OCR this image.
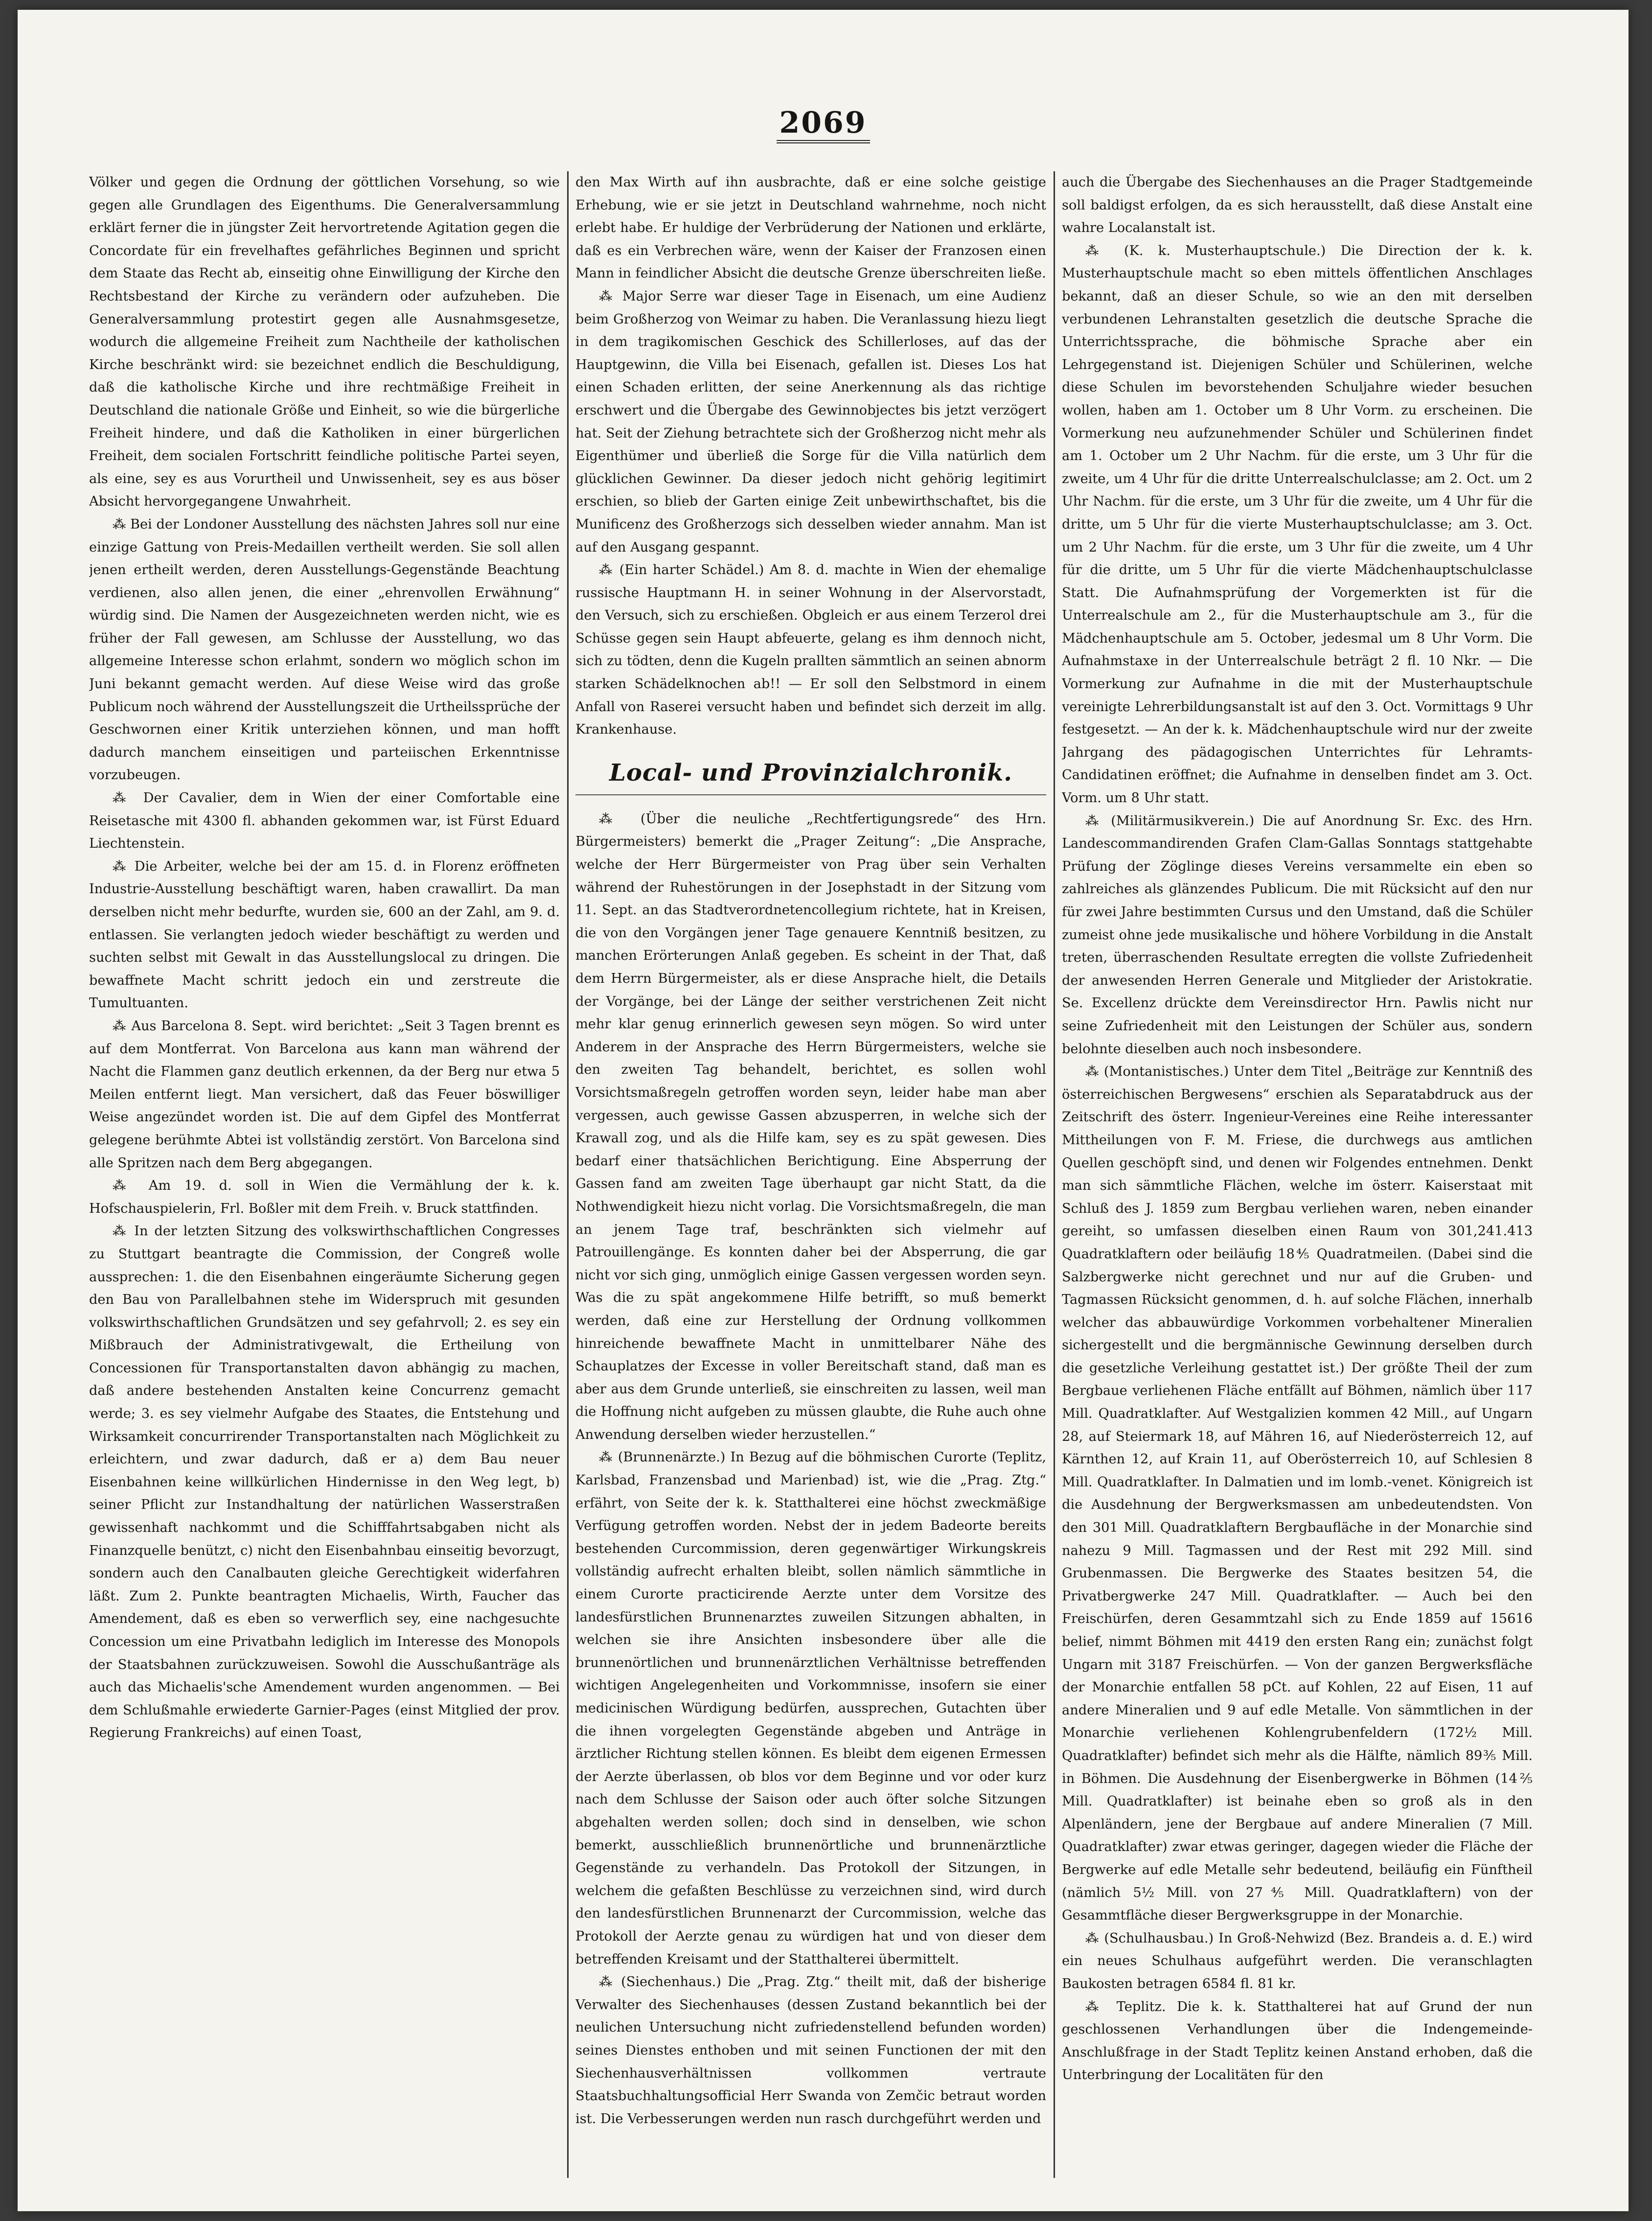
2069

Völker und gegen die Ordnung der göttlichen Vorsehung, so wie gegen alle Grundlagen des Eigenthums. Die Generalversammlung erklärt ferner die in jüngster Zeit hervortretende Agitation gegen die Concordate für ein frevelhaftes gefährliches Beginnen und spricht dem Staate das Recht ab, einseitig ohne Einwilligung der Kirche den Rechtsbestand der Kirche zu verändern oder aufzuheben. Die Generalversammlung protestirt gegen alle Ausnahmsgesetze, wodurch die allgemeine Freiheit zum Nachtheile der katholischen Kirche beschränkt wird: sie bezeichnet endlich die Beschuldigung, daß die katholische Kirche und ihre rechtmäßige Freiheit in Deutschland die nationale Größe und Einheit, so wie die bürgerliche Freiheit hindere, und daß die Katholiken in einer bürgerlichen Freiheit, dem socialen Fortschritt feindliche politische Partei seyen, als eine, sey es aus Vorurtheil und Unwissenheit, sey es aus böser Absicht hervorgegangene Unwahrheit.

⁂ Bei der Londoner Ausstellung des nächsten Jahres soll nur eine einzige Gattung von Preis-Medaillen vertheilt werden. Sie soll allen jenen ertheilt werden, deren Ausstellungs-Gegenstände Beachtung verdienen, also allen jenen, die einer „ehrenvollen Erwähnung“ würdig sind. Die Namen der Ausgezeichneten werden nicht, wie es früher der Fall gewesen, am Schlusse der Ausstellung, wo das allgemeine Interesse schon erlahmt, sondern wo möglich schon im Juni bekannt gemacht werden. Auf diese Weise wird das große Publicum noch während der Ausstellungszeit die Urtheilssprüche der Geschwornen einer Kritik unterziehen können, und man hofft dadurch manchem einseitigen und parteiischen Erkenntnisse vorzubeugen.

⁂ Der Cavalier, dem in Wien der einer Comfortable eine Reisetasche mit 4300 fl. abhanden gekommen war, ist Fürst Eduard Liechtenstein.

⁂ Die Arbeiter, welche bei der am 15. d. in Florenz eröffneten Industrie-Ausstellung beschäftigt waren, haben crawallirt. Da man derselben nicht mehr bedurfte, wurden sie, 600 an der Zahl, am 9. d. entlassen. Sie verlangten jedoch wieder beschäftigt zu werden und suchten selbst mit Gewalt in das Ausstellungslocal zu dringen. Die bewaffnete Macht schritt jedoch ein und zerstreute die Tumultuanten.

⁂ Aus Barcelona 8. Sept. wird berichtet: „Seit 3 Tagen brennt es auf dem Montferrat. Von Barcelona aus kann man während der Nacht die Flammen ganz deutlich erkennen, da der Berg nur etwa 5 Meilen entfernt liegt. Man versichert, daß das Feuer böswilliger Weise angezündet worden ist. Die auf dem Gipfel des Montferrat gelegene berühmte Abtei ist vollständig zerstört. Von Barcelona sind alle Spritzen nach dem Berg abgegangen.

⁂ Am 19. d. soll in Wien die Vermählung der k. k. Hofschauspielerin, Frl. Boßler mit dem Freih. v. Bruck stattfinden.

⁂ In der letzten Sitzung des volkswirthschaftlichen Congresses zu Stuttgart beantragte die Commission, der Congreß wolle aussprechen: 1. die den Eisenbahnen eingeräumte Sicherung gegen den Bau von Parallelbahnen stehe im Widerspruch mit gesunden volkswirthschaftlichen Grundsätzen und sey gefahrvoll; 2. es sey ein Mißbrauch der Administrativgewalt, die Ertheilung von Concessionen für Transportanstalten davon abhängig zu machen, daß andere bestehenden Anstalten keine Concurrenz gemacht werde; 3. es sey vielmehr Aufgabe des Staates, die Entstehung und Wirksamkeit concurrirender Transportanstalten nach Möglichkeit zu erleichtern, und zwar dadurch, daß er a) dem Bau neuer Eisenbahnen keine willkürlichen Hindernisse in den Weg legt, b) seiner Pflicht zur Instandhaltung der natürlichen Wasserstraßen gewissenhaft nachkommt und die Schifffahrtsabgaben nicht als Finanzquelle benützt, c) nicht den Eisenbahnbau einseitig bevorzugt, sondern auch den Canalbauten gleiche Gerechtigkeit widerfahren läßt. Zum 2. Punkte beantragten Michaelis, Wirth, Faucher das Amendement, daß es eben so verwerflich sey, eine nachgesuchte Concession um eine Privatbahn lediglich im Interesse des Monopols der Staatsbahnen zurückzuweisen. Sowohl die Ausschußanträge als auch das Michaelis'sche Amendement wurden angenommen. — Bei dem Schlußmahle erwiederte Garnier-Pages (einst Mitglied der prov. Regierung Frankreichs) auf einen Toast,

den Max Wirth auf ihn ausbrachte, daß er eine solche geistige Erhebung, wie er sie jetzt in Deutschland wahrnehme, noch nicht erlebt habe. Er huldige der Verbrüderung der Nationen und erklärte, daß es ein Verbrechen wäre, wenn der Kaiser der Franzosen einen Mann in feindlicher Absicht die deutsche Grenze überschreiten ließe.

⁂ Major Serre war dieser Tage in Eisenach, um eine Audienz beim Großherzog von Weimar zu haben. Die Veranlassung hiezu liegt in dem tragikomischen Geschick des Schillerloses, auf das der Hauptgewinn, die Villa bei Eisenach, gefallen ist. Dieses Los hat einen Schaden erlitten, der seine Anerkennung als das richtige erschwert und die Übergabe des Gewinnobjectes bis jetzt verzögert hat. Seit der Ziehung betrachtete sich der Großherzog nicht mehr als Eigenthümer und überließ die Sorge für die Villa natürlich dem glücklichen Gewinner. Da dieser jedoch nicht gehörig legitimirt erschien, so blieb der Garten einige Zeit unbewirthschaftet, bis die Munificenz des Großherzogs sich desselben wieder annahm. Man ist auf den Ausgang gespannt.

⁂ (Ein harter Schädel.) Am 8. d. machte in Wien der ehemalige russische Hauptmann H. in seiner Wohnung in der Alservorstadt, den Versuch, sich zu erschießen. Obgleich er aus einem Terzerol drei Schüsse gegen sein Haupt abfeuerte, gelang es ihm dennoch nicht, sich zu tödten, denn die Kugeln prallten sämmtlich an seinen abnorm starken Schädelknochen ab!! — Er soll den Selbstmord in einem Anfall von Raserei versucht haben und befindet sich derzeit im allg. Krankenhause.

Local- und Provinzialchronik.

⁂ (Über die neuliche „Rechtfertigungsrede“ des Hrn. Bürgermeisters) bemerkt die „Prager Zeitung“: „Die Ansprache, welche der Herr Bürgermeister von Prag über sein Verhalten während der Ruhestörungen in der Josephstadt in der Sitzung vom 11. Sept. an das Stadtverordnetencollegium richtete, hat in Kreisen, die von den Vorgängen jener Tage genauere Kenntniß besitzen, zu manchen Erörterungen Anlaß gegeben. Es scheint in der That, daß dem Herrn Bürgermeister, als er diese Ansprache hielt, die Details der Vorgänge, bei der Länge der seither verstrichenen Zeit nicht mehr klar genug erinnerlich gewesen seyn mögen. So wird unter Anderem in der Ansprache des Herrn Bürgermeisters, welche sie den zweiten Tag behandelt, berichtet, es sollen wohl Vorsichtsmaßregeln getroffen worden seyn, leider habe man aber vergessen, auch gewisse Gassen abzusperren, in welche sich der Krawall zog, und als die Hilfe kam, sey es zu spät gewesen. Dies bedarf einer thatsächlichen Berichtigung. Eine Absperrung der Gassen fand am zweiten Tage überhaupt gar nicht Statt, da die Nothwendigkeit hiezu nicht vorlag. Die Vorsichtsmaßregeln, die man an jenem Tage traf, beschränkten sich vielmehr auf Patrouillengänge. Es konnten daher bei der Absperrung, die gar nicht vor sich ging, unmöglich einige Gassen vergessen worden seyn. Was die zu spät angekommene Hilfe betrifft, so muß bemerkt werden, daß eine zur Herstellung der Ordnung vollkommen hinreichende bewaffnete Macht in unmittelbarer Nähe des Schauplatzes der Excesse in voller Bereitschaft stand, daß man es aber aus dem Grunde unterließ, sie einschreiten zu lassen, weil man die Hoffnung nicht aufgeben zu müssen glaubte, die Ruhe auch ohne Anwendung derselben wieder herzustellen.“

⁂ (Brunnenärzte.) In Bezug auf die böhmischen Curorte (Teplitz, Karlsbad, Franzensbad und Marienbad) ist, wie die „Prag. Ztg.“ erfährt, von Seite der k. k. Statthalterei eine höchst zweckmäßige Verfügung getroffen worden. Nebst der in jedem Badeorte bereits bestehenden Curcommission, deren gegenwärtiger Wirkungskreis vollständig aufrecht erhalten bleibt, sollen nämlich sämmtliche in einem Curorte practicirende Aerzte unter dem Vorsitze des landesfürstlichen Brunnenarztes zuweilen Sitzungen abhalten, in welchen sie ihre Ansichten insbesondere über alle die brunnenörtlichen und brunnenärztlichen Verhältnisse betreffenden wichtigen Angelegenheiten und Vorkommnisse, insofern sie einer medicinischen Würdigung bedürfen, aussprechen, Gutachten über die ihnen vorgelegten Gegenstände abgeben und Anträge in ärztlicher Richtung stellen können. Es bleibt dem eigenen Ermessen der Aerzte überlassen, ob blos vor dem Beginne und vor oder kurz nach dem Schlusse der Saison oder auch öfter solche Sitzungen abgehalten werden sollen; doch sind in denselben, wie schon bemerkt, ausschließlich brunnenörtliche und brunnenärztliche Gegenstände zu verhandeln. Das Protokoll der Sitzungen, in welchem die gefaßten Beschlüsse zu verzeichnen sind, wird durch den landesfürstlichen Brunnenarzt der Curcommission, welche das Protokoll der Aerzte genau zu würdigen hat und von dieser dem betreffenden Kreisamt und der Statthalterei übermittelt.

⁂ (Siechenhaus.) Die „Prag. Ztg.“ theilt mit, daß der bisherige Verwalter des Siechenhauses (dessen Zustand bekanntlich bei der neulichen Untersuchung nicht zufriedenstellend befunden worden) seines Dienstes enthoben und mit seinen Functionen der mit den Siechenhausverhältnissen vollkommen vertraute Staatsbuchhaltungsofficial Herr Swanda von Zemčic betraut worden ist. Die Verbesserungen werden nun rasch durchgeführt werden und

auch die Übergabe des Siechenhauses an die Prager Stadtgemeinde soll baldigst erfolgen, da es sich herausstellt, daß diese Anstalt eine wahre Localanstalt ist.

⁂ (K. k. Musterhauptschule.) Die Direction der k. k. Musterhauptschule macht so eben mittels öffentlichen Anschlages bekannt, daß an dieser Schule, so wie an den mit derselben verbundenen Lehranstalten gesetzlich die deutsche Sprache die Unterrichtssprache, die böhmische Sprache aber ein Lehrgegenstand ist. Diejenigen Schüler und Schülerinen, welche diese Schulen im bevorstehenden Schuljahre wieder besuchen wollen, haben am 1. October um 8 Uhr Vorm. zu erscheinen. Die Vormerkung neu aufzunehmender Schüler und Schülerinen findet am 1. October um 2 Uhr Nachm. für die erste, um 3 Uhr für die zweite, um 4 Uhr für die dritte Unterrealschulclasse; am 2. Oct. um 2 Uhr Nachm. für die erste, um 3 Uhr für die zweite, um 4 Uhr für die dritte, um 5 Uhr für die vierte Musterhauptschulclasse; am 3. Oct. um 2 Uhr Nachm. für die erste, um 3 Uhr für die zweite, um 4 Uhr für die dritte, um 5 Uhr für die vierte Mädchenhauptschulclasse Statt. Die Aufnahmsprüfung der Vorgemerkten ist für die Unterrealschule am 2., für die Musterhauptschule am 3., für die Mädchenhauptschule am 5. October, jedesmal um 8 Uhr Vorm. Die Aufnahmstaxe in der Unterrealschule beträgt 2 fl. 10 Nkr. — Die Vormerkung zur Aufnahme in die mit der Musterhauptschule vereinigte Lehrerbildungsanstalt ist auf den 3. Oct. Vormittags 9 Uhr festgesetzt. — An der k. k. Mädchenhauptschule wird nur der zweite Jahrgang des pädagogischen Unterrichtes für Lehramts-Candidatinen eröffnet; die Aufnahme in denselben findet am 3. Oct. Vorm. um 8 Uhr statt.

⁂ (Militärmusikverein.) Die auf Anordnung Sr. Exc. des Hrn. Landescommandirenden Grafen Clam-Gallas Sonntags stattgehabte Prüfung der Zöglinge dieses Vereins versammelte ein eben so zahlreiches als glänzendes Publicum. Die mit Rücksicht auf den nur für zwei Jahre bestimmten Cursus und den Umstand, daß die Schüler zumeist ohne jede musikalische und höhere Vorbildung in die Anstalt treten, überraschenden Resultate erregten die vollste Zufriedenheit der anwesenden Herren Generale und Mitglieder der Aristokratie. Se. Excellenz drückte dem Vereinsdirector Hrn. Pawlis nicht nur seine Zufriedenheit mit den Leistungen der Schüler aus, sondern belohnte dieselben auch noch insbesondere.

⁂ (Montanistisches.) Unter dem Titel „Beiträge zur Kenntniß des österreichischen Bergwesens“ erschien als Separatabdruck aus der Zeitschrift des österr. Ingenieur-Vereines eine Reihe interessanter Mittheilungen von F. M. Friese, die durchwegs aus amtlichen Quellen geschöpft sind, und denen wir Folgendes entnehmen. Denkt man sich sämmtliche Flächen, welche im österr. Kaiserstaat mit Schluß des J. 1859 zum Bergbau verliehen waren, neben einander gereiht, so umfassen dieselben einen Raum von 301,241.413 Quadratklaftern oder beiläufig 18⅘ Quadratmeilen. (Dabei sind die Salzbergwerke nicht gerechnet und nur auf die Gruben- und Tagmassen Rücksicht genommen, d. h. auf solche Flächen, innerhalb welcher das abbauwürdige Vorkommen vorbehaltener Mineralien sichergestellt und die bergmännische Gewinnung derselben durch die gesetzliche Verleihung gestattet ist.) Der größte Theil der zum Bergbaue verliehenen Fläche entfällt auf Böhmen, nämlich über 117 Mill. Quadratklafter. Auf Westgalizien kommen 42 Mill., auf Ungarn 28, auf Steiermark 18, auf Mähren 16, auf Niederösterreich 12, auf Kärnthen 12, auf Krain 11, auf Oberösterreich 10, auf Schlesien 8 Mill. Quadratklafter. In Dalmatien und im lomb.-venet. Königreich ist die Ausdehnung der Bergwerksmassen am unbedeutendsten. Von den 301 Mill. Quadratklaftern Bergbaufläche in der Monarchie sind nahezu 9 Mill. Tagmassen und der Rest mit 292 Mill. sind Grubenmassen. Die Bergwerke des Staates besitzen 54, die Privatbergwerke 247 Mill. Quadratklafter. — Auch bei den Freischürfen, deren Gesammtzahl sich zu Ende 1859 auf 15616 belief, nimmt Böhmen mit 4419 den ersten Rang ein; zunächst folgt Ungarn mit 3187 Freischürfen. — Von der ganzen Bergwerksfläche der Monarchie entfallen 58 pCt. auf Kohlen, 22 auf Eisen, 11 auf andere Mineralien und 9 auf edle Metalle. Von sämmtlichen in der Monarchie verliehenen Kohlengrubenfeldern (172½ Mill. Quadratklafter) befindet sich mehr als die Hälfte, nämlich 89⅗ Mill. in Böhmen. Die Ausdehnung der Eisenbergwerke in Böhmen (14⅖ Mill. Quadratklafter) ist beinahe eben so groß als in den Alpenländern, jene der Bergbaue auf andere Mineralien (7 Mill. Quadratklafter) zwar etwas geringer, dagegen wieder die Fläche der Bergwerke auf edle Metalle sehr bedeutend, beiläufig ein Fünftheil (nämlich 5½ Mill. von 27⅘ Mill. Quadratklaftern) von der Gesammtfläche dieser Bergwerksgruppe in der Monarchie.

⁂ (Schulhausbau.) In Groß-Nehwizd (Bez. Brandeis a. d. E.) wird ein neues Schulhaus aufgeführt werden. Die veranschlagten Baukosten betragen 6584 fl. 81 kr.

⁂ Teplitz. Die k. k. Statthalterei hat auf Grund der nun geschlossenen Verhandlungen über die Indengemeinde-Anschlußfrage in der Stadt Teplitz keinen Anstand erhoben, daß die Unterbringung der Localitäten für den
